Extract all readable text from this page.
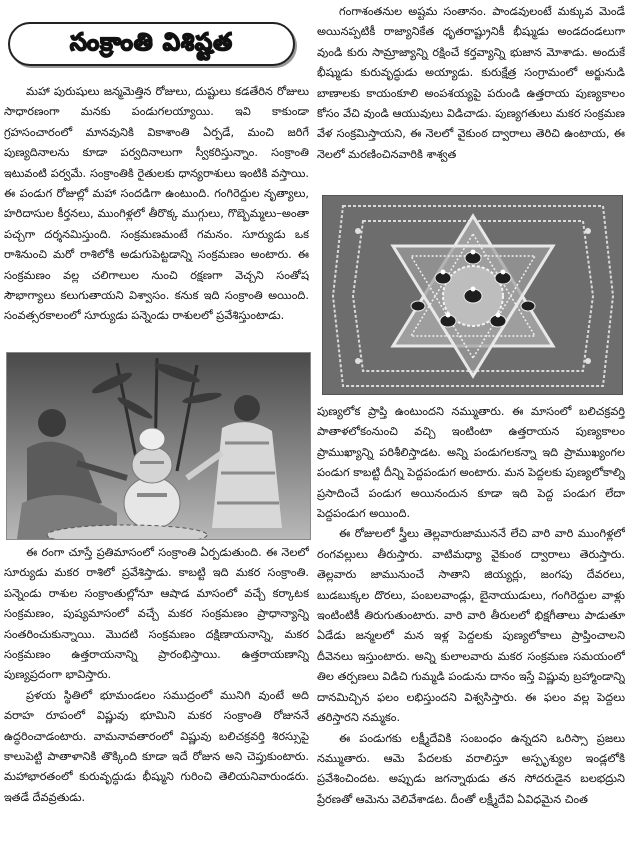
సంక్రాంతి విశిష్టత

మహా పురుషులు జన్మమెత్తిన రోజులు, దుష్టులు కడతేరిన రోజులు సాధారణంగా మనకు పండుగలయ్యాయి. ఇవి కాకుండా గ్రహసంచారంలో మానవునికి వికాశాంతి ఏర్పడే, మంచి జరిగే పుణ్యదినాలను కూడా పర్వదినాలుగా స్వీకరిస్తున్నాం. సంక్రాంతి ఇటువంటి పర్వమే. సంక్రాంతికి రైతులకు ధాన్యరాశులు ఇంటికి వస్తాయి. ఈ పండుగ రోజుల్లో మహా సందడిగా ఉంటుంది. గంగిరెద్దుల నృత్యాలు, హరిదాసుల కీర్తనలు, ముంగిళ్లలో తీరొక్క ముగ్గులు, గొబ్బెమ్మలు–అంతా పచ్చగా దర్శనమిస్తుంది. సంక్రమణమంటే గమనం. సూర్యుడు ఒక రాశినుంచి మరో రాశిలోకి అడుగుపెట్టడాన్ని సంక్రమణం అంటారు. ఈ సంక్రమణం వల్ల చలిగాలుల నుంచి రక్షణగా వెచ్చని సంతోష సౌభాగ్యాలు కలుగుతాయని విశ్వాసం. కనుక ఇది సంక్రాంతి అయింది. సంవత్సరకాలంలో సూర్యుడు పన్నెండు రాశులలో ప్రవేశిస్తుంటాడు.

ఈ రంగా చూస్తే ప్రతిమాసంలో సంక్రాంతి ఏర్పడుతుంది. ఈ నెలలో సూర్యుడు మకర రాశిలో ప్రవేశిస్తాడు. కాబట్టి ఇది మకర సంక్రాంతి. పన్నెండు రాశుల సంక్రాంతుల్లోనూ ఆషాడ మాసంలో వచ్చే కర్కాటక సంక్రమణం, పుష్యమాసంలో వచ్చే మకర సంక్రమణం ప్రాధాన్యాన్ని సంతరించుకున్నాయి. మొదటి సంక్రమణం దక్షిణాయనాన్ని, మకర సంక్రమణం ఉత్తరాయనాన్ని ప్రారంభిస్తాయి. ఉత్తరాయణాన్ని పుణ్యప్రదంగా భావిస్తారు.

ప్రళయ స్థితిలో భూమండలం సముద్రంలో మునిగి వుంటే అది వరాహ రూపంలో విష్ణువు భూమిని మకర సంక్రాంతి రోజుననే ఉద్ధరించాడంటారు. వామనావతారంలో విష్ణువు బలిచక్రవర్తి శిరస్సుపై కాలుపెట్టి పాతాళానికి తొక్కింది కూడా ఇదే రోజున అని చెప్తుకుంటారు. మహాభారతంలో కురువృద్ధుడు భీష్ముని గురించి తెలియనివారుండరు. ఇతడే దేవవ్రతుడు.

గంగాశంతనుల అష్టమ సంతానం. పాండవులంటే మక్కువ మెండే అయినప్పటికీ రాజ్యానికేత ధృతరాష్ట్రునికీ భీష్ముడు అండదండలుగా వుండి కురు సామ్రాజ్యాన్ని రక్షించే కర్తవ్యాన్ని భుజాన మోశాడు. అందుకే భీష్ముడు కురువృద్ధుడు అయ్యాడు. కురుక్షేత్ర సంగ్రామంలో అర్జునుడి బాణాలకు కాయంకూలి అంపశయ్యపై పరుండి ఉత్తరాయ పుణ్యకాలం కోసం వేచి వుండి ఆయువులు విడిచాడు. పుణ్యగతులు మకర సంక్రమణ వేళ సంక్రమిస్తాయని, ఈ నెలలో వైకుంఠ ద్వారాలు తెరిచి ఉంటాయ, ఈ నెలలో మరణించినవారికి శాశ్వత

పుణ్యలోక ప్రాప్తి ఉంటుందని నమ్ముతారు. ఈ మాసంలో బలిచక్రవర్తి పాతాళలోకంనుంచి వచ్చి ఇంటింటా ఉత్తరాయన పుణ్యకాలం ప్రాముఖ్యాన్ని పరిశీలిస్తాడట. అన్ని పండుగలకన్నా ఇది ప్రాముఖ్యంగల పండుగ కాబట్టి దీన్ని పెద్దపండుగ అంటారు. మన పెద్దలకు పుణ్యలోకాల్ని ప్రసాదించే పండుగ అయినందున కూడా ఇది పెద్ద పండుగ లేదా పెద్దపండుగ అయింది.

ఈ రోజులలో స్త్రీలు తెల్లవారుజాముననే లేచి వారి వారి ముంగిళ్లలో రంగవల్లులు తీరుస్తారు. వాటిమధ్యా వైకుంఠ ద్వారాలు తెరుస్తారు. తెల్లవారు జామునుంచే సాతాని జియ్యర్లు, జంగపు దేవరలు, బుడబుక్కల దొరలు, పంబలవాండ్లు, బైనాయుడులు, గంగిరెద్దుల వాళ్లు ఇంటింటికీ తిరుగుతుంటారు. వారి వారి తీరులలో భిక్షగీతాలు పాడుతూ ఏడేడు జన్మలలో మన ఇళ్ల పెద్దలకు పుణ్యలోకాలు ప్రాప్తించాలని దీవెనలు ఇస్తుంటారు. అన్ని కులాలవారు మకర సంక్రమణ సమయంలో తిల తర్పణలు విడిచి గుమ్మడి పండును దానం ఇస్తే విష్ణువు బ్రహ్మాండాన్ని దానమిచ్చిన ఫలం లభిస్తుందని విశ్వసిస్తారు. ఈ ఫలం వల్ల పెద్దలు తరిస్తారని నమ్మకం.

ఈ పండుగకు లక్ష్మీదేవికి సంబంధం ఉన్నదని ఒరిస్సా ప్రజలు నమ్ముతారు. ఆమె పేదలకు వరాలిస్తూ అస్పృశ్యుల ఇండ్లలోకి ప్రవేశించిందట. అప్పుడు జగన్నాథుడు తన సోదరుడైన బలభద్రుని ప్రేరణతో ఆమెను వెలివేశాడట. దీంతో లక్ష్మీదేవి ఏవిధమైన చింత
